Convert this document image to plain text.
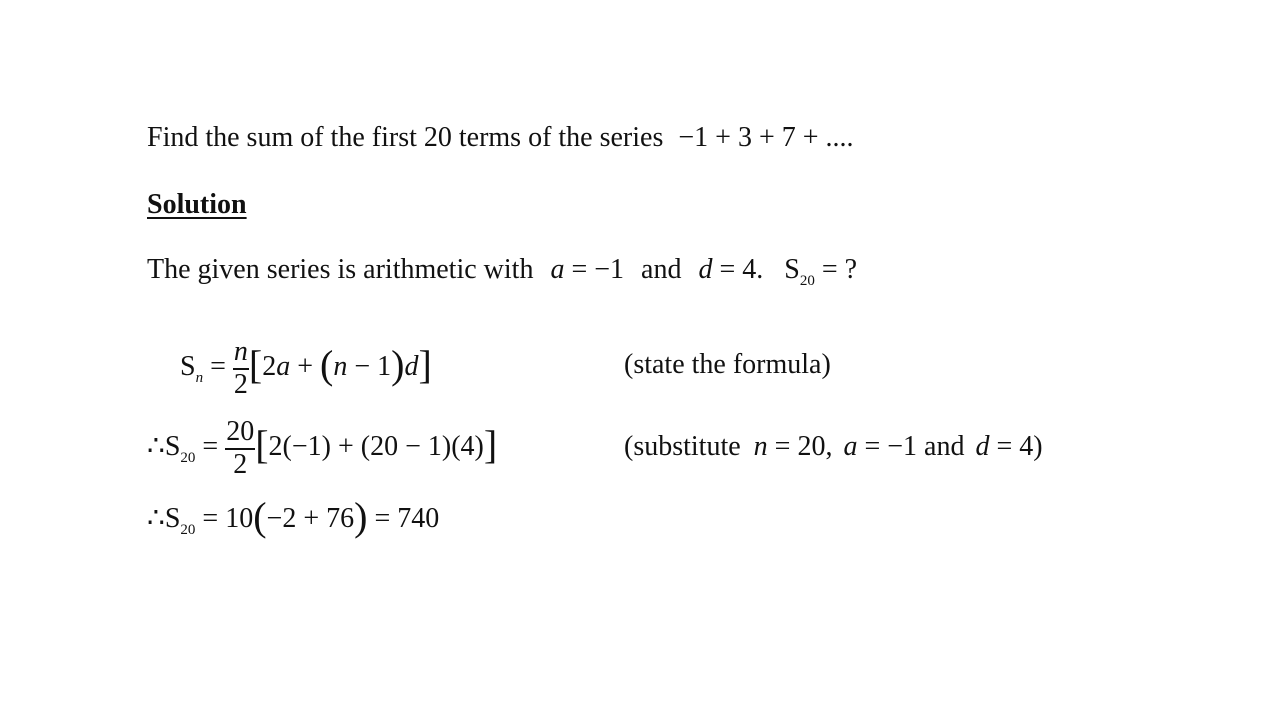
Find the sum of the first 20 terms of the series −1 + 3 + 7 + ....
Solution
The given series is arithmetic with a = −1 and d = 4. $S_{20}$ = ?
$S_n = \frac{n}{2} [2a + (n - 1)d]$	(state the formula)
$\therefore S_{20} = \frac{20}{2} [2(-1) + (20 - 1)(4)]$	(substitute n = 20, a = −1 and d = 4)
$\therefore S_{20} = 10(-2 + 76) = 740$
